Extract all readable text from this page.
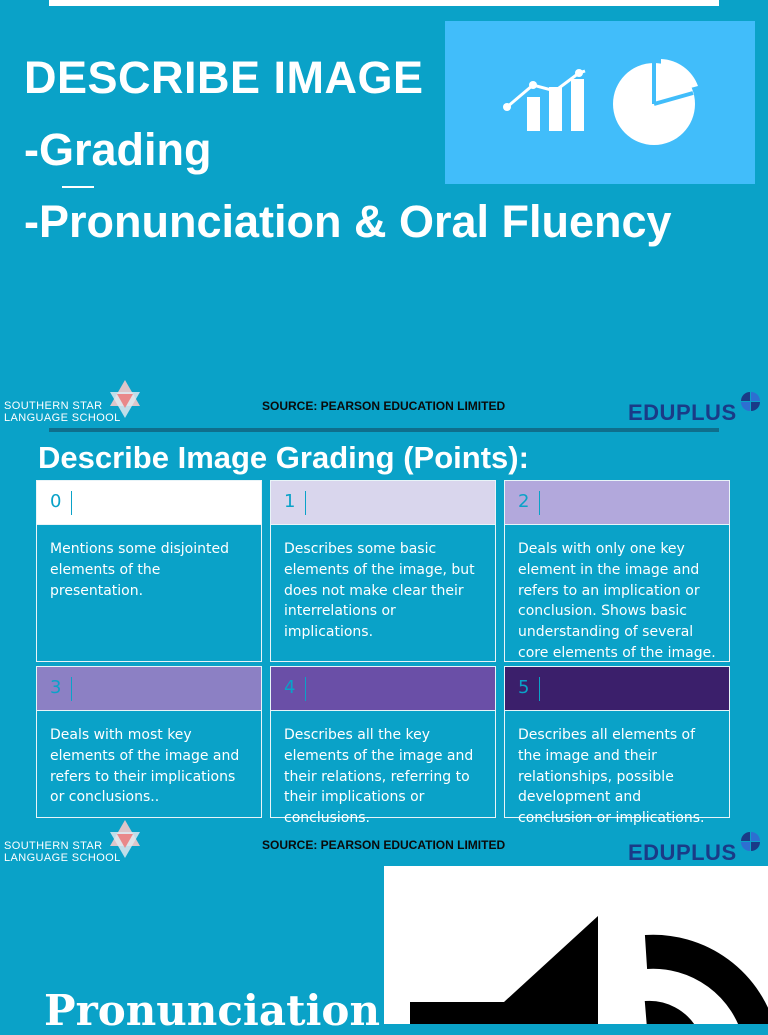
DESCRIBE IMAGE
-Grading
-Pronunciation & Oral Fluency
SOUTHERN STAR
LANGUAGE SCHOOL
SOURCE: PEARSON EDUCATION LIMITED	EDUPLUS
Describe Image Grading (Points):
0
Mentions some disjointed elements of the presentation.
1
Describes some basic elements of the image, but does not make clear their interrelations or implications.
2
Deals with only one key element in the image and refers to an implication or conclusion. Shows basic understanding of several core elements of the image.
3
Deals with most key elements of the image and refers to their implications or conclusions..
4
Describes all the key elements of the image and their relations, referring to their implications or conclusions.
5
Describes all elements of the image and their relationships, possible development and conclusion or implications.
SOUTHERN STAR
LANGUAGE SCHOOL
SOURCE: PEARSON EDUCATION LIMITED	EDUPLUS
Pronunciation
